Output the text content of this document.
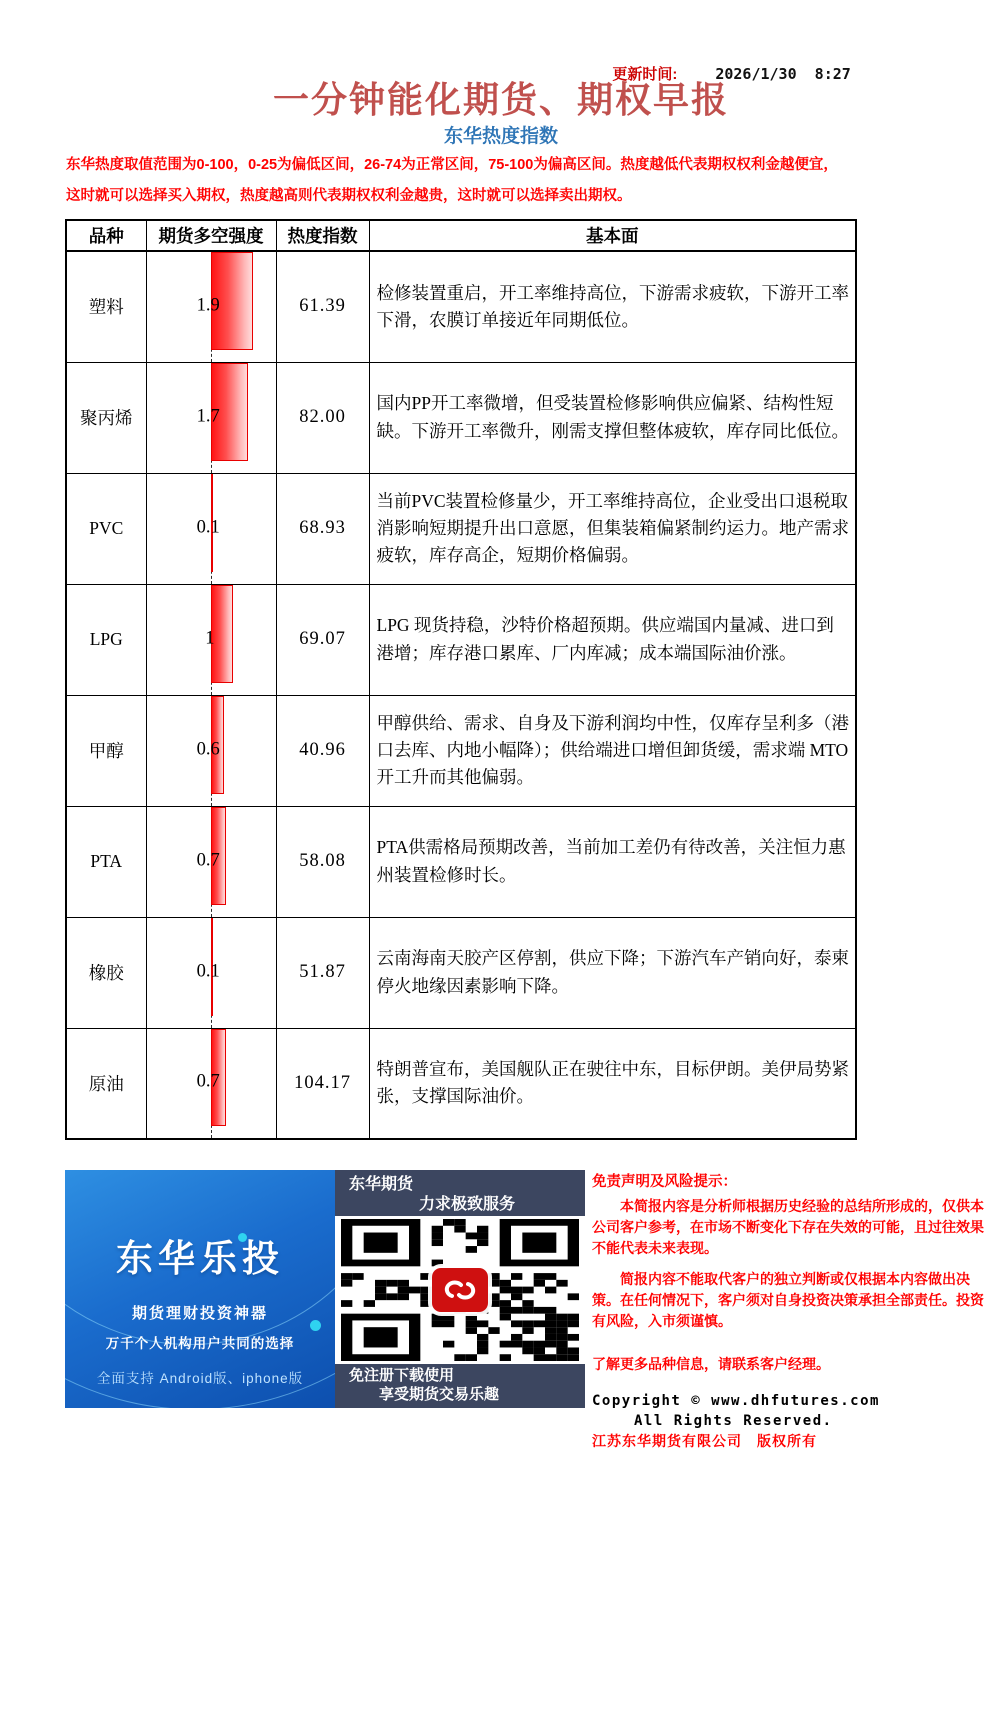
更新时间:	2026/1/30  8:27

一分钟能化期货、期权早报
东华热度指数
东华热度取值范围为0-100，0-25为偏低区间，26-74为正常区间，75-100为偏高区间。热度越低代表期权权利金越便宜，
这时就可以选择买入期权，热度越高则代表期权权利金越贵，这时就可以选择卖出期权。
品种	期货多空强度	热度指数	基本面
塑料	1.9	61.39	检修装置重启，开工率维持高位，下游需求疲软，下游开工率下滑，农膜订单接近年同期低位。
聚丙烯	1.7	82.00	国内PP开工率微增，但受装置检修影响供应偏紧、结构性短缺。下游开工率微升，刚需支撑但整体疲软，库存同比低位。
PVC	0.1	68.93	当前PVC装置检修量少，开工率维持高位，企业受出口退税取消影响短期提升出口意愿，但集装箱偏紧制约运力。地产需求疲软，库存高企，短期价格偏弱。
LPG	1	69.07	LPG 现货持稳，沙特价格超预期。供应端国内量减、进口到港增；库存港口累库、厂内库减；成本端国际油价涨。
甲醇	0.6	40.96	甲醇供给、需求、自身及下游利润均中性，仅库存呈利多（港口去库、内地小幅降）；供给端进口增但卸货缓，需求端 MTO 开工升而其他偏弱。
PTA	0.7	58.08	PTA供需格局预期改善，当前加工差仍有待改善，关注恒力惠州装置检修时长。
橡胶	0.1	51.87	云南海南天胶产区停割，供应下降；下游汽车产销向好，泰柬停火地缘因素影响下降。
原油	0.7	104.17	特朗普宣布，美国舰队正在驶往中东，目标伊朗。美伊局势紧张，支撑国际油价。
东华乐投
期货理财投资神器
万千个人机构用户共同的选择
全面支持 Android版、iphone版
东华期货
力求极致服务
免注册下载使用
享受期货交易乐趣
免责声明及风险提示：
本简报内容是分析师根据历史经验的总结所形成的，仅供本公司客户参考，在市场不断变化下存在失效的可能，且过往效果不能代表未来表现。
简报内容不能取代客户的独立判断或仅根据本内容做出决策。在任何情况下，客户须对自身投资决策承担全部责任。投资有风险，入市须谨慎。
了解更多品种信息，请联系客户经理。
Copyright © www.dhfutures.com
All Rights Reserved.
江苏东华期货有限公司　版权所有
